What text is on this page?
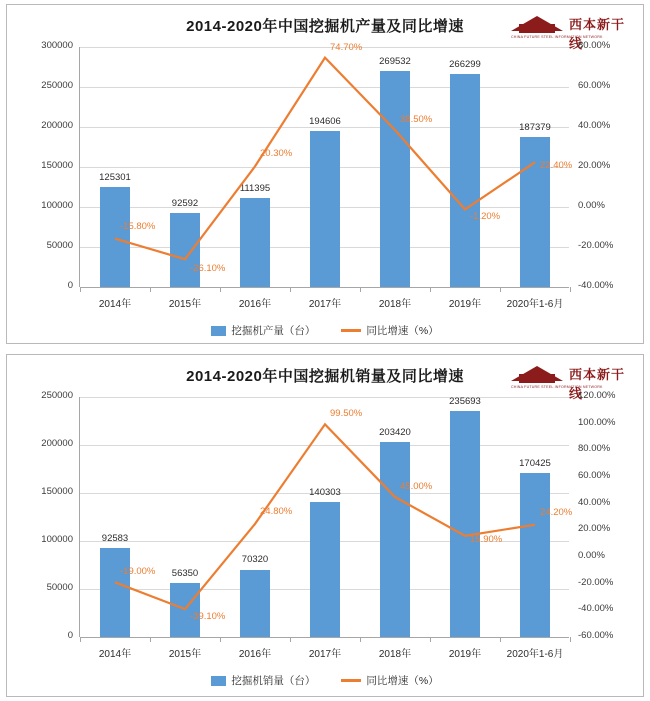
2014-2020年中国挖掘机产量及同比增速	西本新干线
CHINA FUTURE STEEL INFORMATION NETWORK
0
50000
100000
150000
200000
250000
300000
-40.00%
-20.00%
0.00%
20.00%
40.00%
60.00%
80.00%
125301
2014年
92592
2015年
111395
2016年
194606
2017年
269532
2018年
266299
2019年
187379
2020年1-6月
-15.80%
-26.10%
20.30%
74.70%
38.50%
-1.20%
22.40%
挖掘机产量（台）	同比增速（%）
2014-2020年中国挖掘机销量及同比增速	西本新干线
CHINA FUTURE STEEL INFORMATION NETWORK
0
50000
100000
150000
200000
250000
-60.00%
-40.00%
-20.00%
0.00%
20.00%
40.00%
60.00%
80.00%
100.00%
120.00%
92583
2014年
56350
2015年
70320
2016年
140303
2017年
203420
2018年
235693
2019年
170425
2020年1-6月
-19.00%
-39.10%
24.80%
99.50%
45.00%
15.90%
24.20%
挖掘机销量（台）	同比增速（%）
